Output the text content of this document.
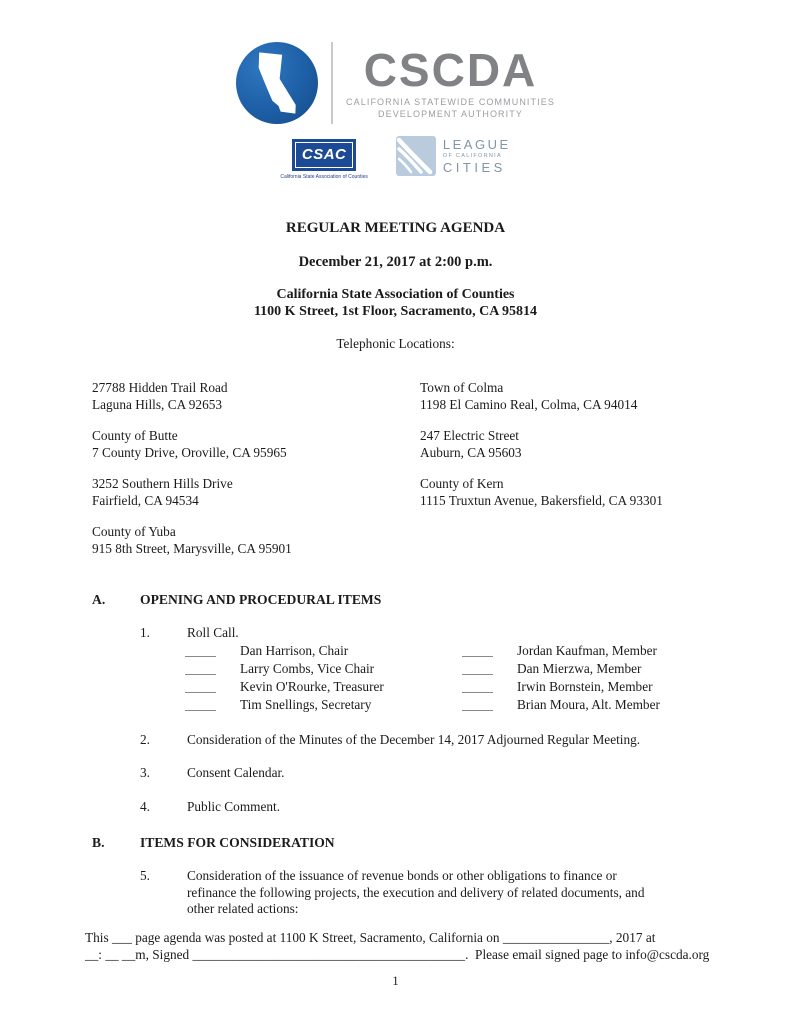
CSCDA
CALIFORNIA STATEWIDE COMMUNITIES
DEVELOPMENT AUTHORITY
CSAC
California State Association of Counties
LEAGUE
OF CALIFORNIA
CITIES
REGULAR MEETING AGENDA
December 21, 2017 at 2:00 p.m.
California State Association of Counties
1100 K Street, 1st Floor, Sacramento, CA 95814
Telephonic Locations:
27788 Hidden Trail Road
Laguna Hills, CA 92653
County of Butte
7 County Drive, Oroville, CA 95965
3252 Southern Hills Drive
Fairfield, CA 94534
County of Yuba
915 8th Street, Marysville, CA 95901
Town of Colma
1198 El Camino Real, Colma, CA 94014
247 Electric Street
Auburn, CA 95603
County of Kern
1115 Truxtun Avenue, Bakersfield, CA 93301
A.	OPENING AND PROCEDURAL ITEMS
1.	Roll Call.
Dan Harrison, Chair	Jordan Kaufman, Member
Larry Combs, Vice Chair	Dan Mierzwa, Member
Kevin O'Rourke, Treasurer	Irwin Bornstein, Member
Tim Snellings, Secretary	Brian Moura, Alt. Member
2.	Consideration of the Minutes of the December 14, 2017 Adjourned Regular Meeting.
3.	Consent Calendar.
4.	Public Comment.
B.	ITEMS FOR CONSIDERATION
5.	Consideration of the issuance of revenue bonds or other obligations to finance or refinance the following projects, the execution and delivery of related documents, and other related actions:
This ___ page agenda was posted at 1100 K Street, Sacramento, California on ________________, 2017 at
__: __ __m, Signed _________________________________________.  Please email signed page to info@cscda.org
1
